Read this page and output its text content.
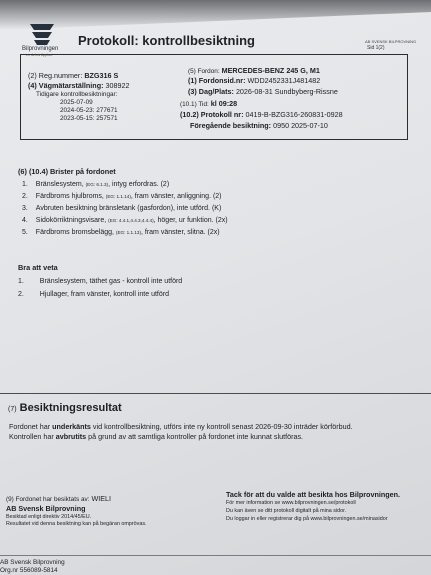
Bilprovningen
en del av Applus+
Protokoll: kontrollbesiktning	AB SVENSK BILPROVNING
Sid 1(2)
(2) Reg.nummer: BZG316 S
(4) Vägmätarställning: 308922
Tidigare kontrollbesiktningar:
2025-07-09
2024-05-23: 277671
2023-05-15: 257571
(5) Fordon: MERCEDES-BENZ 245 G, M1
(1) Fordonsid.nr: WDD2452331J481482
(3) Dag/Plats: 2026-08-31 Sundbyberg-Rissne
(10.1) Tid: kl 09:28
(10.2) Protokoll nr: 0419-B-BZG316-260831-0928
Föregående besiktning: 0950 2025-07-10
(6) (10.4) Brister på fordonet
1. Bränslesystem, (EG: 6.1.3), intyg erfordras. (2)
2. Färdbroms hjulbroms, (EG: 1.1.14), fram vänster, anliggning. (2)
3. Avbruten besiktning bränsletank (gasfordon), inte utförd. (K)
4. Sidokörriktningsvisare, (EG: 4.4.1,4.4.3,4.4.4), höger, ur funktion. (2x)
5. Färdbroms bromsbelägg, (EG: 1.1.13), fram vänster, slitna. (2x)
Bra att veta
1. Bränslesystem, täthet gas - kontroll inte utförd
2. Hjullager, fram vänster, kontroll inte utförd
(7) Besiktningsresultat
Fordonet har underkänts vid kontrollbesiktning, utförs inte ny kontroll senast 2026-09-30 inträder körförbud.
Kontrollen har avbrutits på grund av att samtliga kontroller på fordonet inte kunnat slutföras.
(9) Fordonet har besiktats av: WIELI
AB Svensk Bilprovning
Besiktad enligt direktiv 2014/45/EU.
Resultatet vid denna besiktning kan på begäran omprövas.
Tack för att du valde att besikta hos Bilprovningen.
För mer information se www.bilprovningen.se/protokoll
Du kan även se ditt protokoll digitalt på mina sidor.
Du loggar in eller registrerar dig på www.bilprovningen.se/minasidor
AB Svensk Bilprovning
Org.nr 556089-5814
